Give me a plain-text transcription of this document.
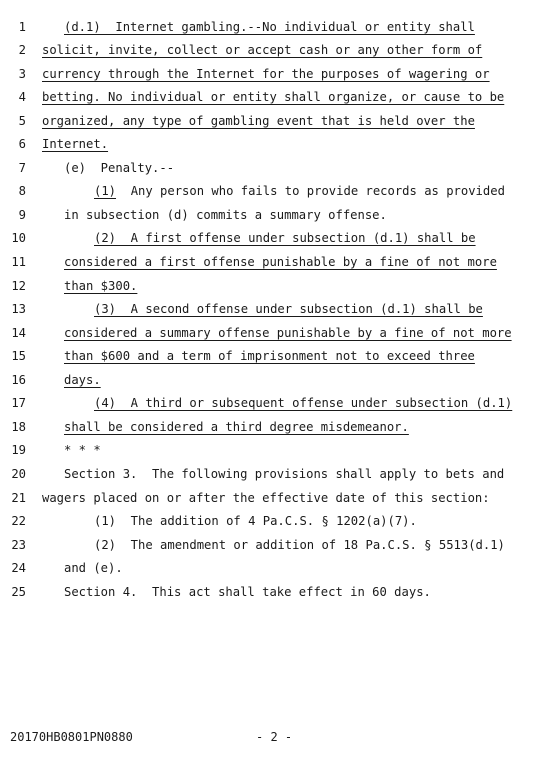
1	(d.1)  Internet gambling.--No individual or entity shall
2 solicit, invite, collect or accept cash or any other form of
3 currency through the Internet for the purposes of wagering or
4 betting. No individual or entity shall organize, or cause to be
5 organized, any type of gambling event that is held over the
6 Internet.
7	(e)  Penalty.--
8	(1)  Any person who fails to provide records as provided
9	in subsection (d) commits a summary offense.
10	(2)  A first offense under subsection (d.1) shall be
11	considered a first offense punishable by a fine of not more
12	than $300.
13	(3)  A second offense under subsection (d.1) shall be
14	considered a summary offense punishable by a fine of not more
15	than $600 and a term of imprisonment not to exceed three
16	days.
17	(4)  A third or subsequent offense under subsection (d.1)
18	shall be considered a third degree misdemeanor.
19	* * *
20	Section 3.  The following provisions shall apply to bets and
21 wagers placed on or after the effective date of this section:
22	(1)  The addition of 4 Pa.C.S. § 1202(a)(7).
23	(2)  The amendment or addition of 18 Pa.C.S. § 5513(d.1)
24	and (e).
25	Section 4.  This act shall take effect in 60 days.
20170HB0801PN0880	- 2 -
